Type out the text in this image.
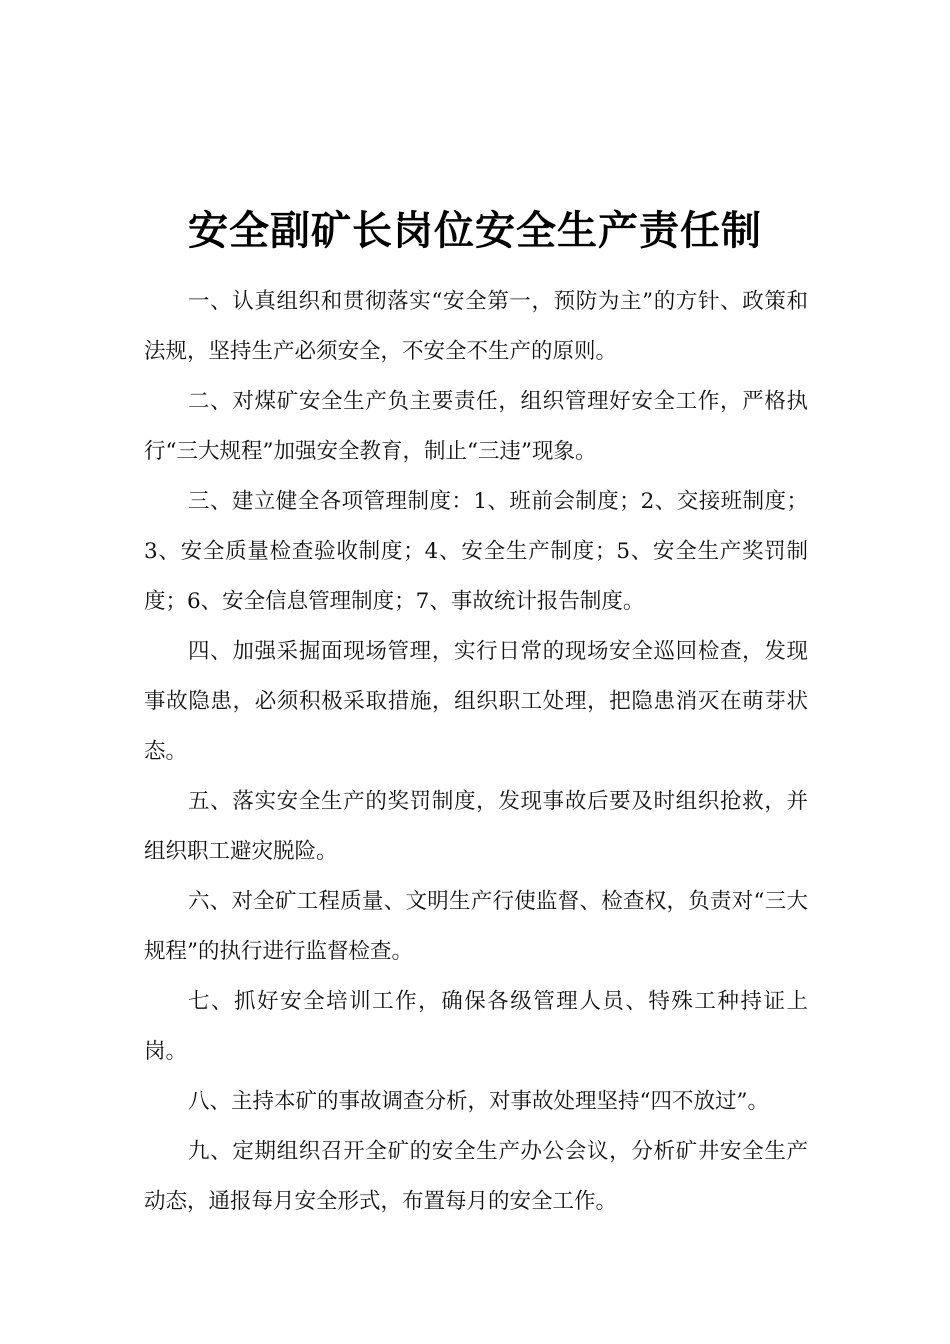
安全副矿长岗位安全生产责任制

一、认真组织和贯彻落实“安全第一，预防为主”的方针、政策和法规，坚持生产必须安全，不安全不生产的原则。

二、对煤矿安全生产负主要责任，组织管理好安全工作，严格执行“三大规程”加强安全教育，制止“三违”现象。

三、建立健全各项管理制度：1、班前会制度；2、交接班制度；3、安全质量检查验收制度；4、安全生产制度；5、安全生产奖罚制度；6、安全信息管理制度；7、事故统计报告制度。

四、加强采掘面现场管理，实行日常的现场安全巡回检查，发现事故隐患，必须积极采取措施，组织职工处理，把隐患消灭在萌芽状态。

五、落实安全生产的奖罚制度，发现事故后要及时组织抢救，并组织职工避灾脱险。

六、对全矿工程质量、文明生产行使监督、检查权，负责对“三大规程”的执行进行监督检查。

七、抓好安全培训工作，确保各级管理人员、特殊工种持证上岗。

八、主持本矿的事故调查分析，对事故处理坚持“四不放过”。

九、定期组织召开全矿的安全生产办公会议，分析矿井安全生产动态，通报每月安全形式，布置每月的安全工作。
